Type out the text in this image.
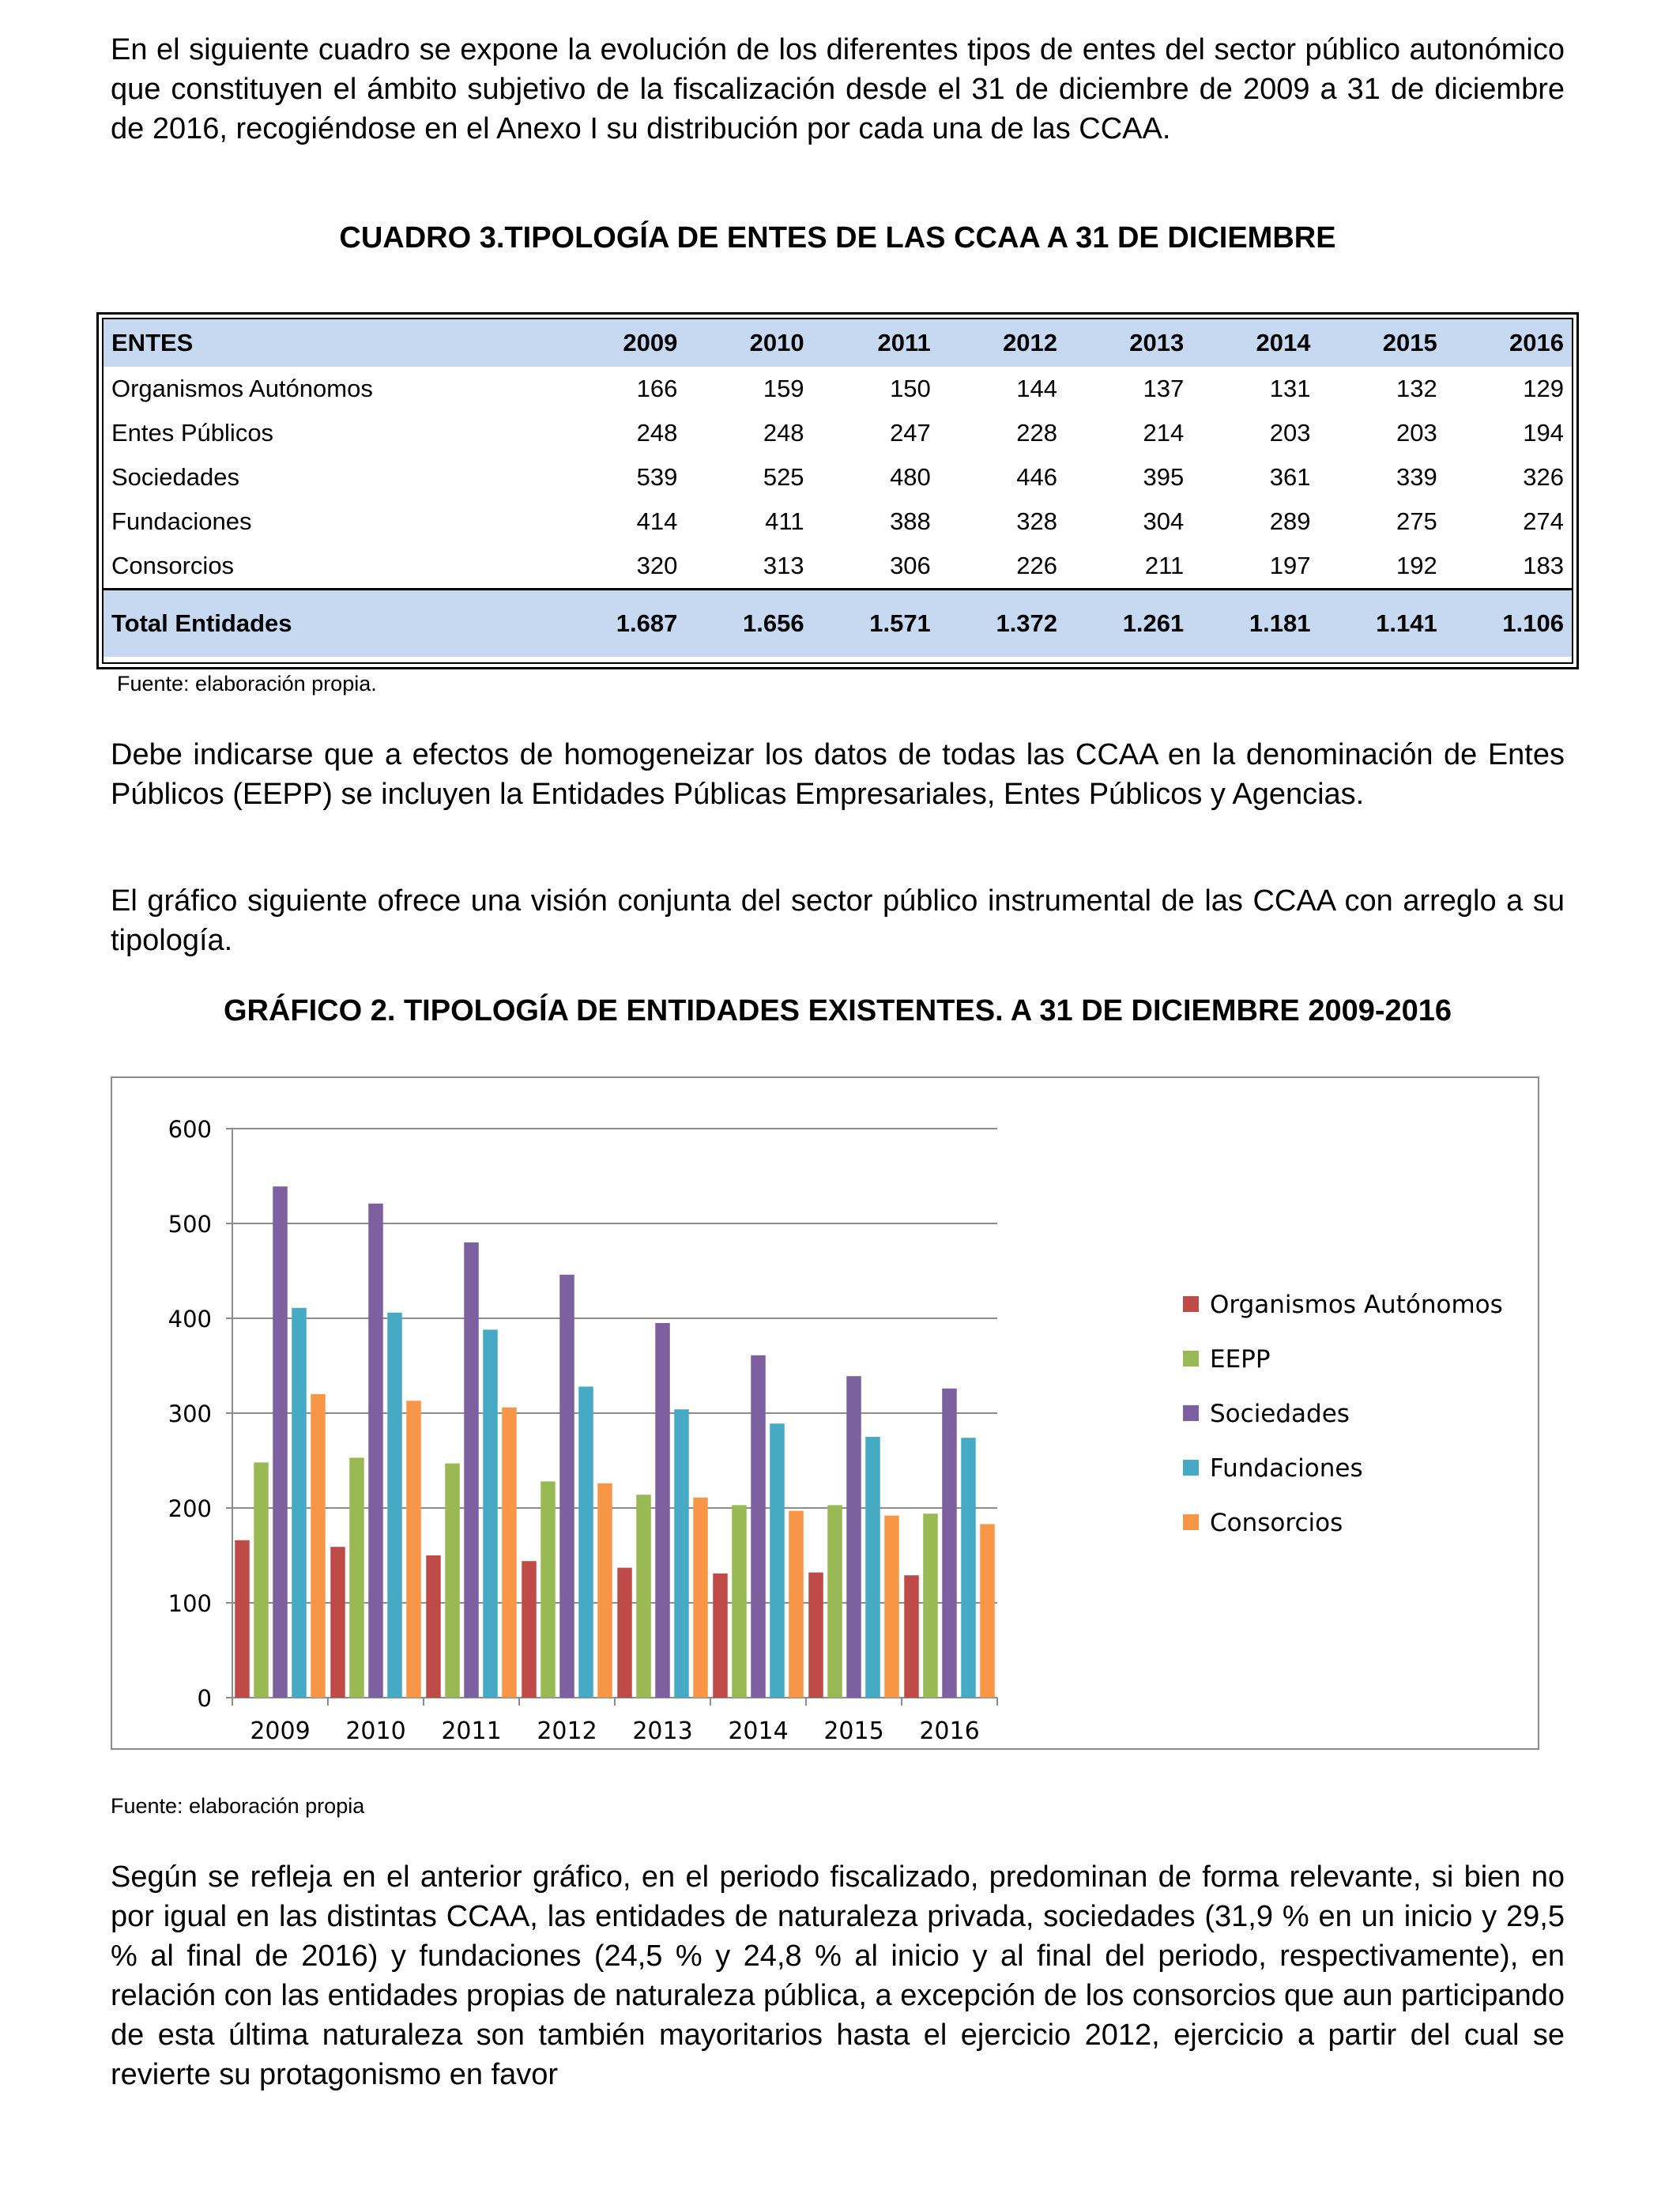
En el siguiente cuadro se expone la evolución de los diferentes tipos de entes del sector público autonómico que constituyen el ámbito subjetivo de la fiscalización desde el 31 de diciembre de 2009 a 31 de diciembre de 2016, recogiéndose en el Anexo I su distribución por cada una de las CCAA.

CUADRO 3.TIPOLOGÍA DE ENTES DE LAS CCAA A 31 DE DICIEMBRE

ENTES	2009	2010	2011	2012	2013	2014	2015	2016
Organismos Autónomos	166	159	150	144	137	131	132	129
Entes Públicos	248	248	247	228	214	203	203	194
Sociedades	539	525	480	446	395	361	339	326
Fundaciones	414	411	388	328	304	289	275	274
Consorcios	320	313	306	226	211	197	192	183
Total Entidades	1.687	1.656	1.571	1.372	1.261	1.181	1.141	1.106

Fuente: elaboración propia.

Debe indicarse que a efectos de homogeneizar los datos de todas las CCAA en la denominación de Entes Públicos (EEPP) se incluyen la Entidades Públicas Empresariales, Entes Públicos y Agencias.

El gráfico siguiente ofrece una visión conjunta del sector público instrumental de las CCAA con arreglo a su tipología.

GRÁFICO 2. TIPOLOGÍA DE ENTIDADES EXISTENTES. A 31 DE DICIEMBRE 2009-2016

0
100
200
300
400
500
600
2009 2010 2011 2012 2013 2014 2015 2016
Organismos Autónomos
EEPP
Sociedades
Fundaciones
Consorcios

Fuente: elaboración propia

Según se refleja en el anterior gráfico, en el periodo fiscalizado, predominan de forma relevante, si bien no por igual en las distintas CCAA, las entidades de naturaleza privada, sociedades (31,9 % en un inicio y 29,5 % al final de 2016) y fundaciones (24,5 % y 24,8 % al inicio y al final del periodo, respectivamente), en relación con las entidades propias de naturaleza pública, a excepción de los consorcios que aun participando de esta última naturaleza son también mayoritarios hasta el ejercicio 2012, ejercicio a partir del cual se revierte su protagonismo en favor
